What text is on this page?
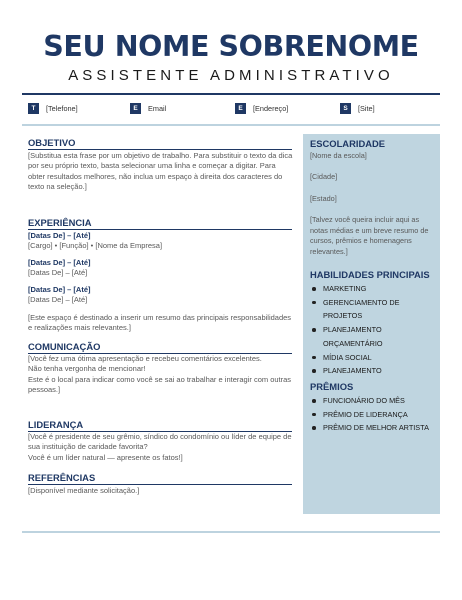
SEU NOME SOBRENOME
ASSISTENTE ADMINISTRATIVO
T	[Telefone]	E	Email	E	[Endereço]	S	[Site]
OBJETIVO
[Substitua esta frase por um objetivo de trabalho. Para substituir o texto da dica por seu próprio texto, basta selecionar uma linha e começar a digitar. Para obter resultados melhores, não inclua um espaço à direita dos caracteres do texto na seleção.]
EXPERIÊNCIA
[Datas De] – [Até]
[Cargo] • [Função] • [Nome da Empresa]
[Datas De] – [Até]
[Datas De] – [Até]
[Datas De] – [Até]
[Datas De] – [Até]
[Este espaço é destinado a inserir um resumo das principais responsabilidades e realizações mais relevantes.]
COMUNICAÇÃO
[Você fez uma ótima apresentação e recebeu comentários excelentes.
Não tenha vergonha de mencionar!
Este é o local para indicar como você se sai ao trabalhar e interagir com outras pessoas.]
LIDERANÇA
[Você é presidente de seu grêmio, síndico do condomínio ou líder de equipe de sua instituição de caridade favorita?
Você é um líder natural — apresente os fatos!]
REFERÊNCIAS
[Disponível mediante solicitação.]
ESCOLARIDADE
[Nome da escola]
[Cidade]
[Estado]
[Talvez você queira incluir aqui as notas médias e um breve resumo de cursos, prêmios e homenagens relevantes.]
HABILIDADES PRINCIPAIS
MARKETING
GERENCIAMENTO DE PROJETOS
PLANEJAMENTO ORÇAMENTÁRIO
MÍDIA SOCIAL
PLANEJAMENTO
PRÊMIOS
FUNCIONÁRIO DO MÊS
PRÊMIO DE LIDERANÇA
PRÊMIO DE MELHOR ARTISTA
